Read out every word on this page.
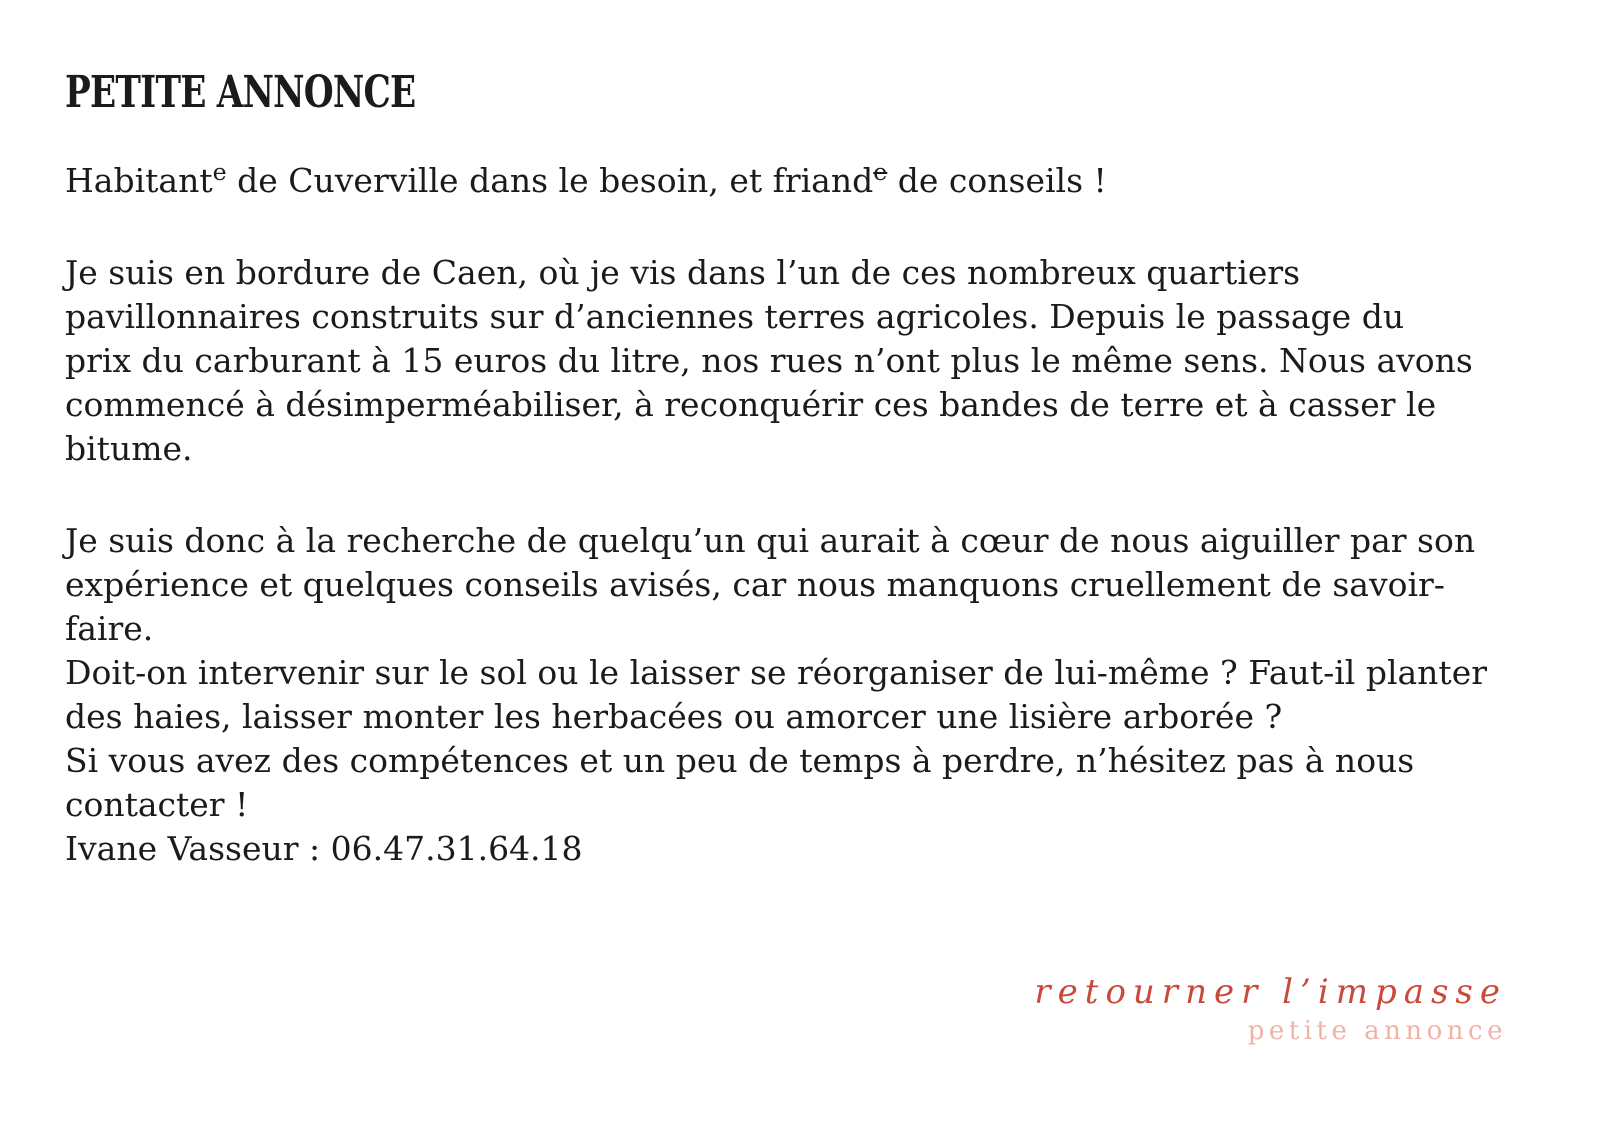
PETITE ANNONCE

Habitant$^e$ de Cuverville dans le besoin, et friand$^e$ de conseils !

Je suis en bordure de Caen, où je vis dans l’un de ces nombreux quartiers
pavillonnaires construits sur d’anciennes terres agricoles. Depuis le passage du
prix du carburant à 15 euros du litre, nos rues n’ont plus le même sens. Nous avons
commencé à désimperméabiliser, à reconquérir ces bandes de terre et à casser le
bitume.
Je suis donc à la recherche de quelqu’un qui aurait à cœur de nous aiguiller par son
expérience et quelques conseils avisés, car nous manquons cruellement de savoir-
faire.
Doit-on intervenir sur le sol ou le laisser se réorganiser de lui-même ? Faut-il planter
des haies, laisser monter les herbacées ou amorcer une lisière arborée ?
Si vous avez des compétences et un peu de temps à perdre, n’hésitez pas à nous
contacter !
Ivane Vasseur : 06.47.31.64.18
retourner l’impasse
petite annonce
